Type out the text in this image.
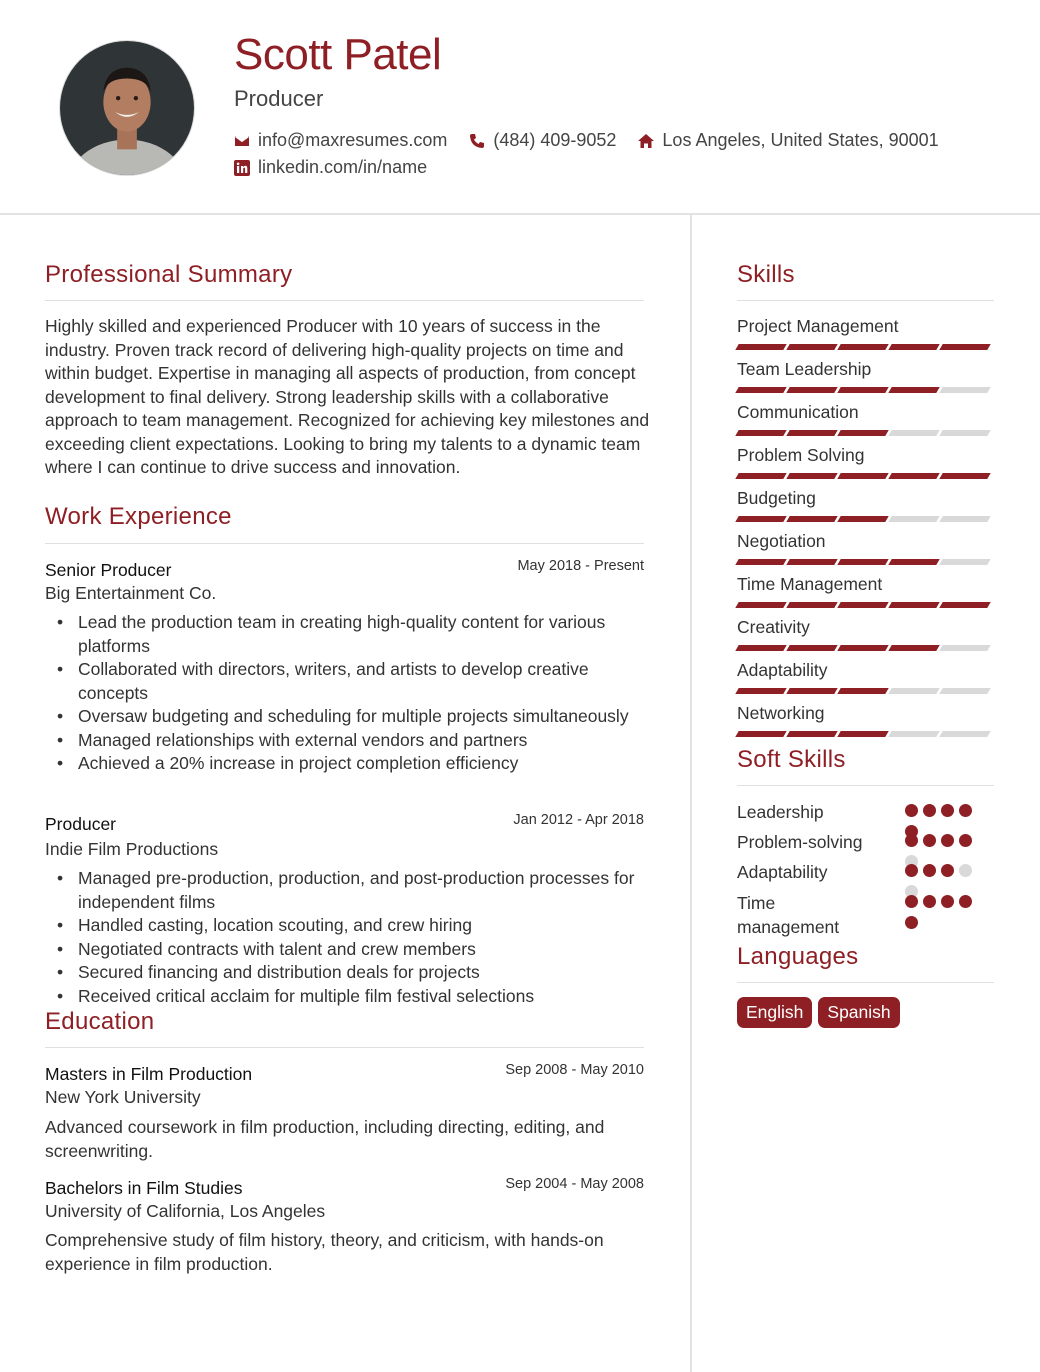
Scott Patel
Producer
info@maxresumes.com	(484) 409-9052	Los Angeles, United States, 90001
linkedin.com/in/name
Professional Summary
Highly skilled and experienced Producer with 10 years of success in the industry. Proven track record of delivering high-quality projects on time and within budget. Expertise in managing all aspects of production, from concept development to final delivery. Strong leadership skills with a collaborative approach to team management. Recognized for achieving key milestones and exceeding client expectations. Looking to bring my talents to a dynamic team where I can continue to drive success and innovation.
Work Experience
Senior Producer	May 2018 - Present
Big Entertainment Co.
• Lead the production team in creating high-quality content for various platforms
• Collaborated with directors, writers, and artists to develop creative concepts
• Oversaw budgeting and scheduling for multiple projects simultaneously
• Managed relationships with external vendors and partners
• Achieved a 20% increase in project completion efficiency
Producer	Jan 2012 - Apr 2018
Indie Film Productions
• Managed pre-production, production, and post-production processes for independent films
• Handled casting, location scouting, and crew hiring
• Negotiated contracts with talent and crew members
• Secured financing and distribution deals for projects
• Received critical acclaim for multiple film festival selections
Education
Masters in Film Production	Sep 2008 - May 2010
New York University
Advanced coursework in film production, including directing, editing, and screenwriting.
Bachelors in Film Studies	Sep 2004 - May 2008
University of California, Los Angeles
Comprehensive study of film history, theory, and criticism, with hands-on experience in film production.
Skills
Project Management
Team Leadership
Communication
Problem Solving
Budgeting
Negotiation
Time Management
Creativity
Adaptability
Networking
Soft Skills
Leadership
Problem-solving
Adaptability
Time management
Languages
English	Spanish
